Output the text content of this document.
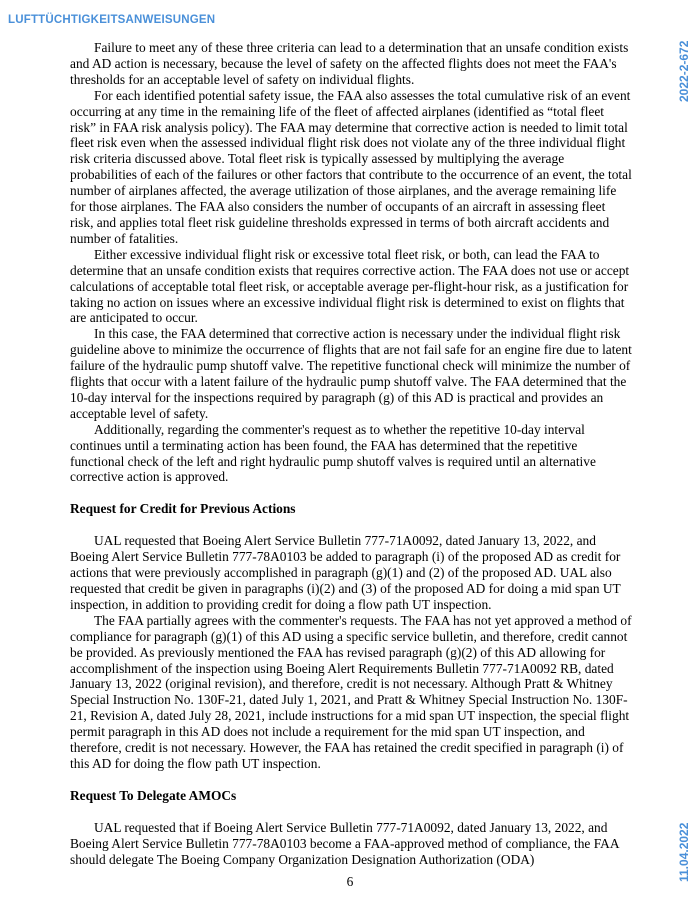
LUFTTÜCHTIGKEITSANWEISUNGEN
2022-2-672
11.04.2022

Failure to meet any of these three criteria can lead to a determination that an unsafe condition exists and AD action is necessary, because the level of safety on the affected flights does not meet the FAA's thresholds for an acceptable level of safety on individual flights.

For each identified potential safety issue, the FAA also assesses the total cumulative risk of an event occurring at any time in the remaining life of the fleet of affected airplanes (identified as “total fleet risk” in FAA risk analysis policy). The FAA may determine that corrective action is needed to limit total fleet risk even when the assessed individual flight risk does not violate any of the three individual flight risk criteria discussed above. Total fleet risk is typically assessed by multiplying the average probabilities of each of the failures or other factors that contribute to the occurrence of an event, the total number of airplanes affected, the average utilization of those airplanes, and the average remaining life for those airplanes. The FAA also considers the number of occupants of an aircraft in assessing fleet risk, and applies total fleet risk guideline thresholds expressed in terms of both aircraft accidents and number of fatalities.

Either excessive individual flight risk or excessive total fleet risk, or both, can lead the FAA to determine that an unsafe condition exists that requires corrective action. The FAA does not use or accept calculations of acceptable total fleet risk, or acceptable average per-flight-hour risk, as a justification for taking no action on issues where an excessive individual flight risk is determined to exist on flights that are anticipated to occur.

In this case, the FAA determined that corrective action is necessary under the individual flight risk guideline above to minimize the occurrence of flights that are not fail safe for an engine fire due to latent failure of the hydraulic pump shutoff valve. The repetitive functional check will minimize the number of flights that occur with a latent failure of the hydraulic pump shutoff valve. The FAA determined that the 10-day interval for the inspections required by paragraph (g) of this AD is practical and provides an acceptable level of safety.

Additionally, regarding the commenter's request as to whether the repetitive 10-day interval continues until a terminating action has been found, the FAA has determined that the repetitive functional check of the left and right hydraulic pump shutoff valves is required until an alternative corrective action is approved.

Request for Credit for Previous Actions

UAL requested that Boeing Alert Service Bulletin 777-71A0092, dated January 13, 2022, and Boeing Alert Service Bulletin 777-78A0103 be added to paragraph (i) of the proposed AD as credit for actions that were previously accomplished in paragraph (g)(1) and (2) of the proposed AD. UAL also requested that credit be given in paragraphs (i)(2) and (3) of the proposed AD for doing a mid span UT inspection, in addition to providing credit for doing a flow path UT inspection.

The FAA partially agrees with the commenter's requests. The FAA has not yet approved a method of compliance for paragraph (g)(1) of this AD using a specific service bulletin, and therefore, credit cannot be provided. As previously mentioned the FAA has revised paragraph (g)(2) of this AD allowing for accomplishment of the inspection using Boeing Alert Requirements Bulletin 777-71A0092 RB, dated January 13, 2022 (original revision), and therefore, credit is not necessary. Although Pratt & Whitney Special Instruction No. 130F-21, dated July 1, 2021, and Pratt & Whitney Special Instruction No. 130F-21, Revision A, dated July 28, 2021, include instructions for a mid span UT inspection, the special flight permit paragraph in this AD does not include a requirement for the mid span UT inspection, and therefore, credit is not necessary. However, the FAA has retained the credit specified in paragraph (i) of this AD for doing the flow path UT inspection.

Request To Delegate AMOCs

UAL requested that if Boeing Alert Service Bulletin 777-71A0092, dated January 13, 2022, and Boeing Alert Service Bulletin 777-78A0103 become a FAA-approved method of compliance, the FAA should delegate The Boeing Company Organization Designation Authorization (ODA)

6
